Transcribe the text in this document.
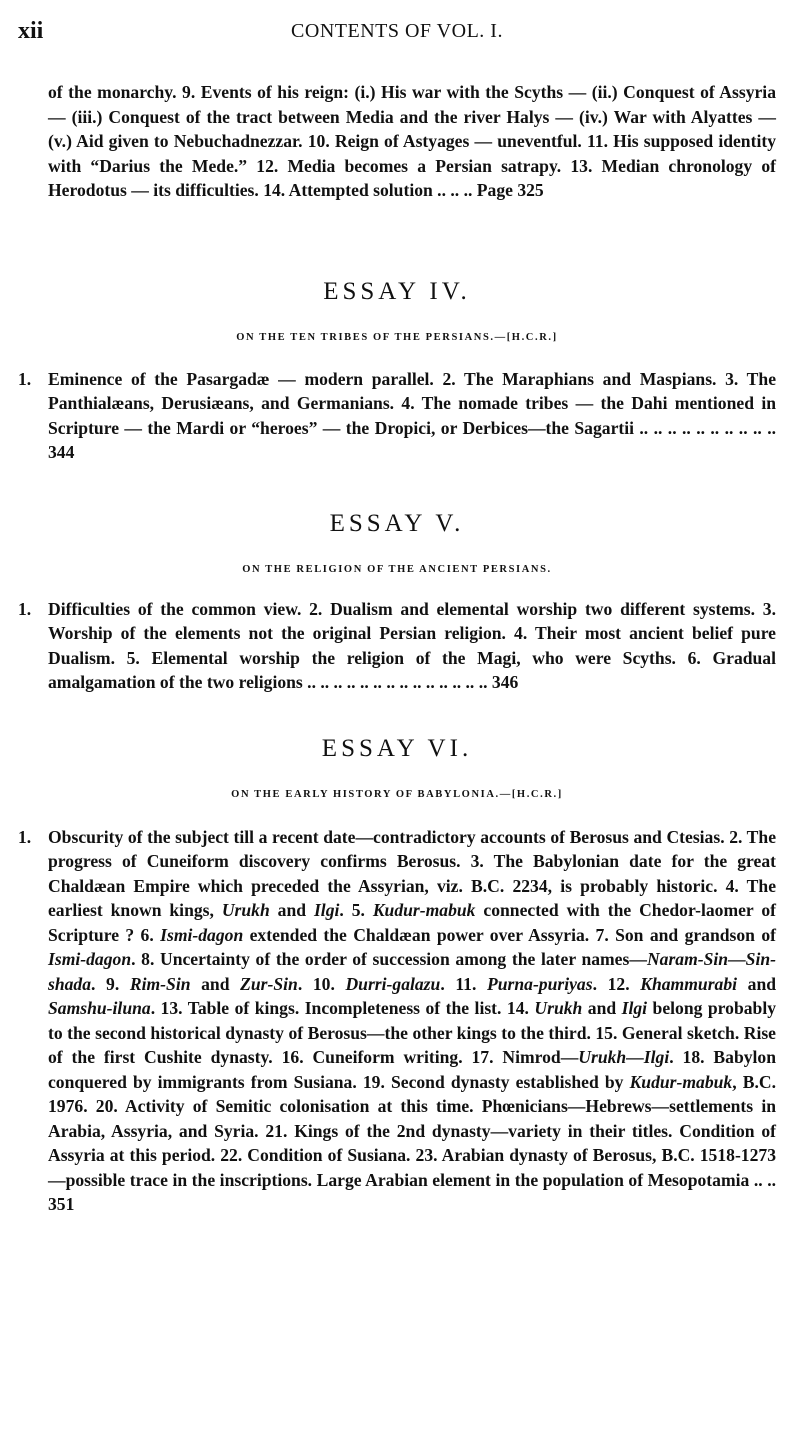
xii	CONTENTS OF VOL. I.

of the monarchy. 9. Events of his reign: (i.) His war with the Scyths — (ii.) Conquest of Assyria — (iii.) Conquest of the tract between Media and the river Halys — (iv.) War with Alyattes — (v.) Aid given to Nebuchadnezzar. 10. Reign of Astyages — uneventful. 11. His supposed identity with “Darius the Mede.” 12. Media becomes a Persian satrapy. 13. Median chronology of Herodotus — its difficulties. 14. Attempted solution .. .. .. Page 325

ESSAY IV.

ON THE TEN TRIBES OF THE PERSIANS.—[H.C.R.]

1. Eminence of the Pasargadæ — modern parallel. 2. The Maraphians and Maspians. 3. The Panthialæans, Derusiæans, and Germanians. 4. The nomade tribes — the Dahi mentioned in Scripture — the Mardi or “heroes” — the Dropici, or Derbices—the Sagartii .. .. .. .. .. .. .. .. .. .. 344

ESSAY V.

ON THE RELIGION OF THE ANCIENT PERSIANS.

1. Difficulties of the common view. 2. Dualism and elemental worship two different systems. 3. Worship of the elements not the original Persian religion. 4. Their most ancient belief pure Dualism. 5. Elemental worship the religion of the Magi, who were Scyths. 6. Gradual amalgamation of the two religions .. .. .. .. .. .. .. .. .. .. .. .. .. .. 346

ESSAY VI.

ON THE EARLY HISTORY OF BABYLONIA.—[H.C.R.]

1. Obscurity of the subject till a recent date—contradictory accounts of Berosus and Ctesias. 2. The progress of Cuneiform discovery confirms Berosus. 3. The Babylonian date for the great Chaldæan Empire which preceded the Assyrian, viz. B.C. 2234, is probably historic. 4. The earliest known kings, Urukh and Ilgi. 5. Kudur-mabuk connected with the Chedor-laomer of Scripture ? 6. Ismi-dagon extended the Chaldæan power over Assyria. 7. Son and grandson of Ismi-dagon. 8. Uncertainty of the order of succession among the later names—Naram-Sin—Sin-shada. 9. Rim-Sin and Zur-Sin. 10. Durri-galazu. 11. Purna-puriyas. 12. Khammurabi and Samshu-iluna. 13. Table of kings. Incompleteness of the list. 14. Urukh and Ilgi belong probably to the second historical dynasty of Berosus—the other kings to the third. 15. General sketch. Rise of the first Cushite dynasty. 16. Cuneiform writing. 17. Nimrod—Urukh—Ilgi. 18. Babylon conquered by immigrants from Susiana. 19. Second dynasty established by Kudur-mabuk, B.C. 1976. 20. Activity of Semitic colonisation at this time. Phœnicians—Hebrews—settlements in Arabia, Assyria, and Syria. 21. Kings of the 2nd dynasty—variety in their titles. Condition of Assyria at this period. 22. Condition of Susiana. 23. Arabian dynasty of Berosus, B.C. 1518-1273—possible trace in the inscriptions. Large Arabian element in the population of Mesopotamia .. .. 351
